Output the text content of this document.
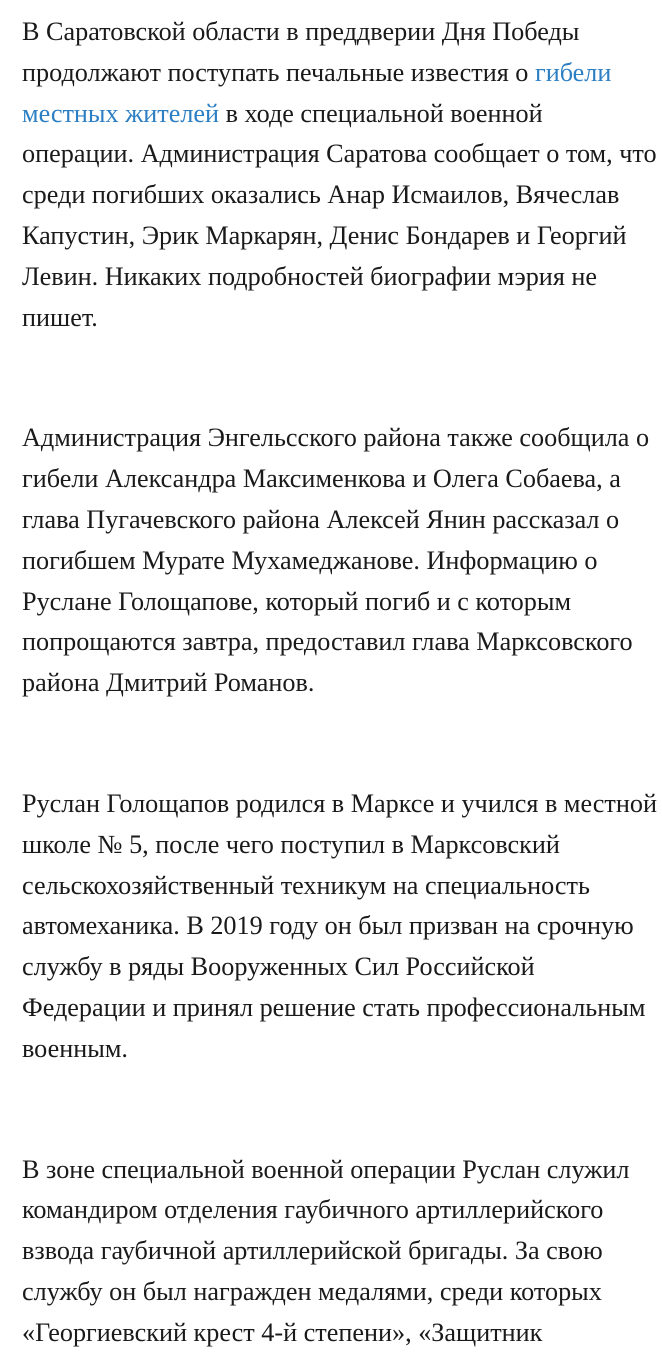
В Саратовской области в преддверии Дня Победы продолжают поступать печальные известия о гибели местных жителей в ходе специальной военной операции. Администрация Саратова сообщает о том, что среди погибших оказались Анар Исмаилов, Вячеслав Капустин, Эрик Маркарян, Денис Бондарев и Георгий Левин. Никаких подробностей биографии мэрия не пишет.

Администрация Энгельсского района также сообщила о гибели Александра Максименкова и Олега Собаева, а глава Пугачевского района Алексей Янин рассказал о погибшем Мурате Мухамеджанове. Информацию о Руслане Голощапове, который погиб и с которым попрощаются завтра, предоставил глава Марксовского района Дмитрий Романов.

Руслан Голощапов родился в Марксе и учился в местной школе № 5, после чего поступил в Марксовский сельскохозяйственный техникум на специальность автомеханика. В 2019 году он был призван на срочную службу в ряды Вооруженных Сил Российской Федерации и принял решение стать профессиональным военным.

В зоне специальной военной операции Руслан служил командиром отделения гаубичного артиллерийского взвода гаубичной артиллерийской бригады. За свою службу он был награжден медалями, среди которых «Георгиевский крест 4-й степени», «Защитник
